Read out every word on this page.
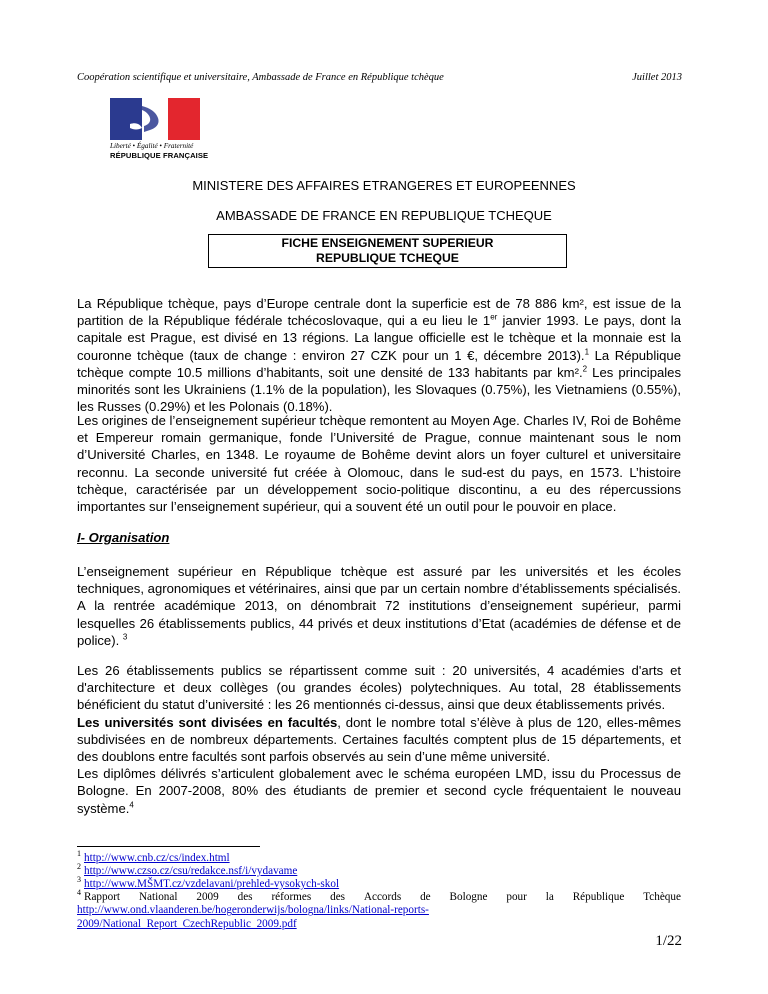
Coopération scientifique et universitaire, Ambassade de France en République tchèque	Juillet 2013
Liberté • Égalité • Fraternité
RÉPUBLIQUE FRANÇAISE
MINISTERE DES AFFAIRES ETRANGERES ET EUROPEENNES
AMBASSADE DE FRANCE EN REPUBLIQUE TCHEQUE
FICHE ENSEIGNEMENT SUPERIEUR
REPUBLIQUE TCHEQUE
La République tchèque, pays d’Europe centrale dont la superficie est de 78 886 km², est issue de la partition de la République fédérale tchécoslovaque, qui a eu lieu le 1er janvier 1993. Le pays, dont la capitale est Prague, est divisé en 13 régions. La langue officielle est le tchèque et la monnaie est la couronne tchèque (taux de change : environ 27 CZK pour un 1 €, décembre 2013).$^1$ La République tchèque compte 10.5 millions d’habitants, soit une densité de 133 habitants par km².$^2$ Les principales minorités sont les Ukrainiens (1.1% de la population), les Slovaques (0.75%), les Vietnamiens (0.55%), les Russes (0.29%) et les Polonais (0.18%).
Les origines de l’enseignement supérieur tchèque remontent au Moyen Age. Charles IV, Roi de Bohême et Empereur romain germanique, fonde l’Université de Prague, connue maintenant sous le nom d’Université Charles, en 1348. Le royaume de Bohême devint alors un foyer culturel et universitaire reconnu. La seconde université fut créée à Olomouc, dans le sud-est du pays, en 1573. L’histoire tchèque, caractérisée par un développement socio-politique discontinu, a eu des répercussions importantes sur l’enseignement supérieur, qui a souvent été un outil pour le pouvoir en place.
I- Organisation
L’enseignement supérieur en République tchèque est assuré par les universités et les écoles techniques, agronomiques et vétérinaires, ainsi que par un certain nombre d’établissements spécialisés. A la rentrée académique 2013, on dénombrait 72 institutions d’enseignement supérieur, parmi lesquelles 26 établissements publics, 44 privés et deux institutions d’Etat (académies de défense et de police). $^3$
Les 26 établissements publics se répartissent comme suit : 20 universités, 4 académies d'arts et d'architecture et deux collèges (ou grandes écoles) polytechniques. Au total, 28 établissements bénéficient du statut d’université : les 26 mentionnés ci-dessus, ainsi que deux établissements privés.
Les universités sont divisées en facultés, dont le nombre total s’élève à plus de 120, elles-mêmes subdivisées en de nombreux départements. Certaines facultés comptent plus de 15 départements, et des doublons entre facultés sont parfois observés au sein d’une même université.
Les diplômes délivrés s’articulent globalement avec le schéma européen LMD, issu du Processus de Bologne. En 2007-2008, 80% des étudiants de premier et second cycle fréquentaient le nouveau système.$^4$
$^1$ http://www.cnb.cz/cs/index.html
$^2$ http://www.czso.cz/csu/redakce.nsf/i/vydavame
$^3$ http://www.MŠMT.cz/vzdelavani/prehled-vysokych-skol
$^4$ Rapport National 2009 des réformes des Accords de Bologne pour la République Tchèque
http://www.ond.vlaanderen.be/hogeronderwijs/bologna/links/National-reports-
2009/National_Report_CzechRepublic_2009.pdf
1/22
